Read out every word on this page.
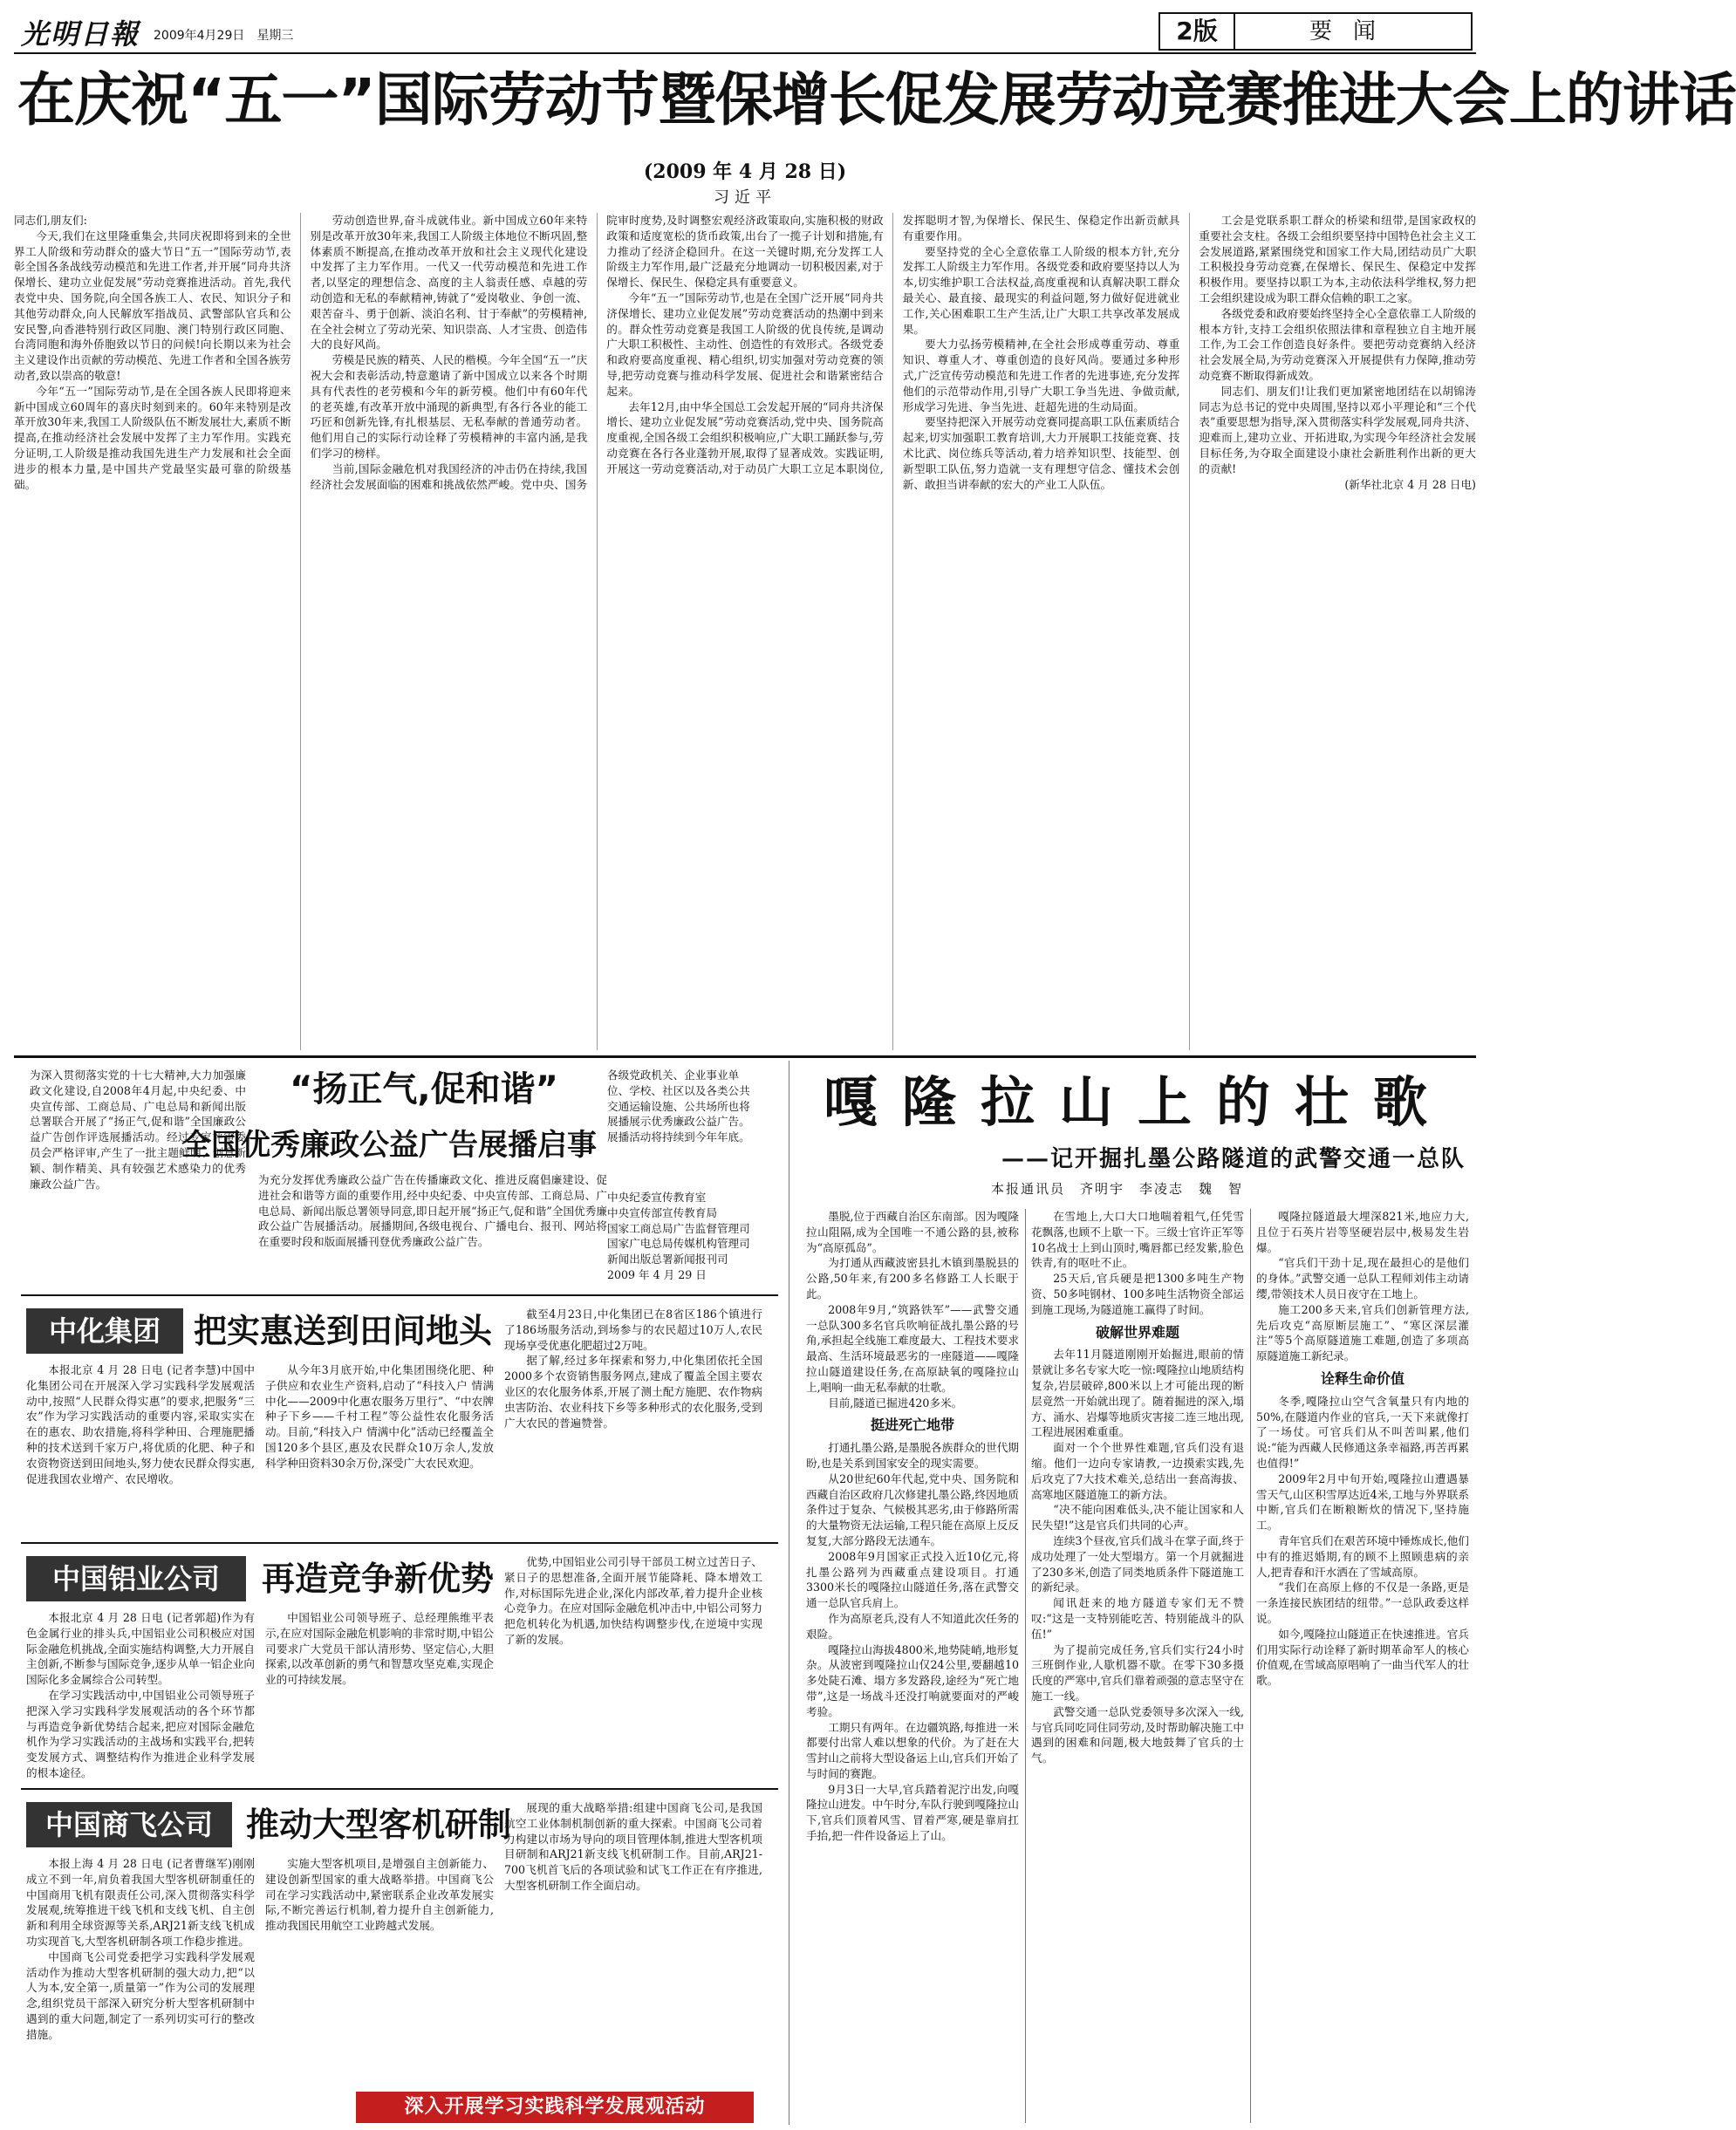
光明日報 2009年4月29日　星期三	2版	要闻
在庆祝“五一”国际劳动节暨保增长促发展劳动竞赛推进大会上的讲话
(2009 年 4 月 28 日)
习近平

同志们,朋友们:

今天,我们在这里隆重集会,共同庆祝即将到来的全世界工人阶级和劳动群众的盛大节日“五一”国际劳动节,表彰全国各条战线劳动模范和先进工作者,并开展“同舟共济保增长、建功立业促发展”劳动竞赛推进活动。首先,我代表党中央、国务院,向全国各族工人、农民、知识分子和其他劳动群众,向人民解放军指战员、武警部队官兵和公安民警,向香港特别行政区同胞、澳门特别行政区同胞、台湾同胞和海外侨胞致以节日的问候!向长期以来为社会主义建设作出贡献的劳动模范、先进工作者和全国各族劳动者,致以崇高的敬意!

今年“五一”国际劳动节,是在全国各族人民即将迎来新中国成立60周年的喜庆时刻到来的。60年来特别是改革开放30年来,我国工人阶级队伍不断发展壮大,素质不断提高,在推动经济社会发展中发挥了主力军作用。实践充分证明,工人阶级是推动我国先进生产力发展和社会全面进步的根本力量,是中国共产党最坚实最可靠的阶级基础。

劳动创造世界,奋斗成就伟业。新中国成立60年来特别是改革开放30年来,我国工人阶级主体地位不断巩固,整体素质不断提高,在推动改革开放和社会主义现代化建设中发挥了主力军作用。一代又一代劳动模范和先进工作者,以坚定的理想信念、高度的主人翁责任感、卓越的劳动创造和无私的奉献精神,铸就了“爱岗敬业、争创一流、艰苦奋斗、勇于创新、淡泊名利、甘于奉献”的劳模精神,在全社会树立了劳动光荣、知识崇高、人才宝贵、创造伟大的良好风尚。

劳模是民族的精英、人民的楷模。今年全国“五一”庆祝大会和表彰活动,特意邀请了新中国成立以来各个时期具有代表性的老劳模和今年的新劳模。他们中有60年代的老英雄,有改革开放中涌现的新典型,有各行各业的能工巧匠和创新先锋,有扎根基层、无私奉献的普通劳动者。他们用自己的实际行动诠释了劳模精神的丰富内涵,是我们学习的榜样。

当前,国际金融危机对我国经济的冲击仍在持续,我国经济社会发展面临的困难和挑战依然严峻。党中央、国务院审时度势,及时调整宏观经济政策取向,实施积极的财政政策和适度宽松的货币政策,出台了一揽子计划和措施,有力推动了经济企稳回升。在这一关键时期,充分发挥工人阶级主力军作用,最广泛最充分地调动一切积极因素,对于保增长、保民生、保稳定具有重要意义。

今年“五一”国际劳动节,也是在全国广泛开展“同舟共济保增长、建功立业促发展”劳动竞赛活动的热潮中到来的。群众性劳动竞赛是我国工人阶级的优良传统,是调动广大职工积极性、主动性、创造性的有效形式。各级党委和政府要高度重视、精心组织,切实加强对劳动竞赛的领导,把劳动竞赛与推动科学发展、促进社会和谐紧密结合起来。

去年12月,由中华全国总工会发起开展的“同舟共济保增长、建功立业促发展”劳动竞赛活动,党中央、国务院高度重视,全国各级工会组织积极响应,广大职工踊跃参与,劳动竞赛在各行各业蓬勃开展,取得了显著成效。实践证明,开展这一劳动竞赛活动,对于动员广大职工立足本职岗位,发挥聪明才智,为保增长、保民生、保稳定作出新贡献具有重要作用。

要坚持党的全心全意依靠工人阶级的根本方针,充分发挥工人阶级主力军作用。各级党委和政府要坚持以人为本,切实维护职工合法权益,高度重视和认真解决职工群众最关心、最直接、最现实的利益问题,努力做好促进就业工作,关心困难职工生产生活,让广大职工共享改革发展成果。

要大力弘扬劳模精神,在全社会形成尊重劳动、尊重知识、尊重人才、尊重创造的良好风尚。要通过多种形式,广泛宣传劳动模范和先进工作者的先进事迹,充分发挥他们的示范带动作用,引导广大职工争当先进、争做贡献,形成学习先进、争当先进、赶超先进的生动局面。

要坚持把深入开展劳动竞赛同提高职工队伍素质结合起来,切实加强职工教育培训,大力开展职工技能竞赛、技术比武、岗位练兵等活动,着力培养知识型、技能型、创新型职工队伍,努力造就一支有理想守信念、懂技术会创新、敢担当讲奉献的宏大的产业工人队伍。

工会是党联系职工群众的桥梁和纽带,是国家政权的重要社会支柱。各级工会组织要坚持中国特色社会主义工会发展道路,紧紧围绕党和国家工作大局,团结动员广大职工积极投身劳动竞赛,在保增长、保民生、保稳定中发挥积极作用。要坚持以职工为本,主动依法科学维权,努力把工会组织建设成为职工群众信赖的职工之家。

各级党委和政府要始终坚持全心全意依靠工人阶级的根本方针,支持工会组织依照法律和章程独立自主地开展工作,为工会工作创造良好条件。要把劳动竞赛纳入经济社会发展全局,为劳动竞赛深入开展提供有力保障,推动劳动竞赛不断取得新成效。

同志们、朋友们!让我们更加紧密地团结在以胡锦涛同志为总书记的党中央周围,坚持以邓小平理论和“三个代表”重要思想为指导,深入贯彻落实科学发展观,同舟共济、迎难而上,建功立业、开拓进取,为实现今年经济社会发展目标任务,为夺取全面建设小康社会新胜利作出新的更大的贡献!

(新华社北京 4 月 28 日电)

为深入贯彻落实党的十七大精神,大力加强廉政文化建设,自2008年4月起,中央纪委、中央宣传部、工商总局、广电总局和新闻出版总署联合开展了“扬正气,促和谐”全国廉政公益广告创作评选展播活动。经过专家评审委员会严格评审,产生了一批主题鲜明、创意新颖、制作精美、具有较强艺术感染力的优秀廉政公益广告。
“扬正气,促和谐”
全国优秀廉政公益广告展播启事
各级党政机关、企业事业单位、学校、社区以及各类公共交通运输设施、公共场所也将展播展示优秀廉政公益广告。展播活动将持续到今年年底。
为充分发挥优秀廉政公益广告在传播廉政文化、推进反腐倡廉建设、促进社会和谐等方面的重要作用,经中央纪委、中央宣传部、工商总局、广电总局、新闻出版总署领导同意,即日起开展“扬正气,促和谐”全国优秀廉政公益广告展播活动。展播期间,各级电视台、广播电台、报刊、网站将在重要时段和版面展播刊登优秀廉政公益广告。
中央纪委宣传教育室
中央宣传部宣传教育局
国家工商总局广告监督管理司
国家广电总局传媒机构管理司
新闻出版总署新闻报刊司
2009 年 4 月 29 日
中化集团	把实惠送到田间地头

本报北京 4 月 28 日电 (记者李慧)中国中化集团公司在开展深入学习实践科学发展观活动中,按照“人民群众得实惠”的要求,把服务“三农”作为学习实践活动的重要内容,采取实实在在的惠农、助农措施,将科学种田、合理施肥播种的技术送到千家万户,将优质的化肥、种子和农资物资送到田间地头,努力使农民群众得实惠,促进我国农业增产、农民增收。

从今年3月底开始,中化集团围绕化肥、种子供应和农业生产资料,启动了“科技入户 情满中化——2009中化惠农服务万里行”、“中农牌种子下乡——千村工程”等公益性农化服务活动。目前,“科技入户 情满中化”活动已经覆盖全国120多个县区,惠及农民群众10万余人,发放科学种田资料30余万份,深受广大农民欢迎。

截至4月23日,中化集团已在8省区186个镇进行了186场服务活动,到场参与的农民超过10万人,农民现场享受优惠化肥超过2万吨。

据了解,经过多年探索和努力,中化集团依托全国2000多个农资销售服务网点,建成了覆盖全国主要农业区的农化服务体系,开展了测土配方施肥、农作物病虫害防治、农业科技下乡等多种形式的农化服务,受到广大农民的普遍赞誉。

中国铝业公司	再造竞争新优势

本报北京 4 月 28 日电 (记者郭超)作为有色金属行业的排头兵,中国铝业公司积极应对国际金融危机挑战,全面实施结构调整,大力开展自主创新,不断参与国际竞争,逐步从单一铝企业向国际化多金属综合公司转型。

在学习实践活动中,中国铝业公司领导班子把深入学习实践科学发展观活动的各个环节都与再造竞争新优势结合起来,把应对国际金融危机作为学习实践活动的主战场和实践平台,把转变发展方式、调整结构作为推进企业科学发展的根本途径。

中国铝业公司领导班子、总经理熊维平表示,在应对国际金融危机影响的非常时期,中铝公司要求广大党员干部认清形势、坚定信心,大胆探索,以改革创新的勇气和智慧攻坚克难,实现企业的可持续发展。

优势,中国铝业公司引导干部员工树立过苦日子、紧日子的思想准备,全面开展节能降耗、降本增效工作,对标国际先进企业,深化内部改革,着力提升企业核心竞争力。在应对国际金融危机冲击中,中铝公司努力把危机转化为机遇,加快结构调整步伐,在逆境中实现了新的发展。

中国商飞公司	推动大型客机研制

本报上海 4 月 28 日电 (记者曹继军)刚刚成立不到一年,肩负着我国大型客机研制重任的中国商用飞机有限责任公司,深入贯彻落实科学发展观,统筹推进干线飞机和支线飞机、自主创新和利用全球资源等关系,ARJ21新支线飞机成功实现首飞,大型客机研制各项工作稳步推进。

中国商飞公司党委把学习实践科学发展观活动作为推动大型客机研制的强大动力,把“以人为本,安全第一,质量第一”作为公司的发展理念,组织党员干部深入研究分析大型客机研制中遇到的重大问题,制定了一系列切实可行的整改措施。

实施大型客机项目,是增强自主创新能力、建设创新型国家的重大战略举措。中国商飞公司在学习实践活动中,紧密联系企业改革发展实际,不断完善运行机制,着力提升自主创新能力,推动我国民用航空工业跨越式发展。

展现的重大战略举措:组建中国商飞公司,是我国航空工业体制机制创新的重大探索。中国商飞公司着力构建以市场为导向的项目管理体制,推进大型客机项目研制和ARJ21新支线飞机研制工作。目前,ARJ21-700飞机首飞后的各项试验和试飞工作正在有序推进,大型客机研制工作全面启动。

深入开展学习实践科学发展观活动
嘎隆拉山上的壮歌
——记开掘扎墨公路隧道的武警交通一总队
本报通讯员　齐明宇　李凌志　魏　智

墨脱,位于西藏自治区东南部。因为嘎隆拉山阻隔,成为全国唯一不通公路的县,被称为“高原孤岛”。

为打通从西藏波密县扎木镇到墨脱县的公路,50年来,有200多名修路工人长眠于此。

2008年9月,“筑路铁军”——武警交通一总队300多名官兵吹响征战扎墨公路的号角,承担起全线施工难度最大、工程技术要求最高、生活环境最恶劣的一座隧道——嘎隆拉山隧道建设任务,在高原缺氧的嘎隆拉山上,唱响一曲无私奉献的壮歌。

目前,隧道已掘进420多米。

挺进死亡地带

打通扎墨公路,是墨脱各族群众的世代期盼,也是关系到国家安全的现实需要。

从20世纪60年代起,党中央、国务院和西藏自治区政府几次修建扎墨公路,终因地质条件过于复杂、气候极其恶劣,由于修路所需的大量物资无法运输,工程只能在高原上反反复复,大部分路段无法通车。

2008年9月国家正式投入近10亿元,将扎墨公路列为西藏重点建设项目。打通3300米长的嘎隆拉山隧道任务,落在武警交通一总队官兵肩上。

作为高原老兵,没有人不知道此次任务的艰险。

嘎隆拉山海拔4800米,地势陡峭,地形复杂。从波密到嘎隆拉山仅24公里,要翻越10多处陡石滩、塌方多发路段,途经为“死亡地带”,这是一场战斗还没打响就要面对的严峻考验。

工期只有两年。在边疆筑路,每推进一米都要付出常人难以想象的代价。为了赶在大雪封山之前将大型设备运上山,官兵们开始了与时间的赛跑。

9月3日一大早,官兵踏着泥泞出发,向嘎隆拉山进发。中午时分,车队行驶到嘎隆拉山下,官兵们顶着风雪、冒着严寒,硬是靠肩扛手抬,把一件件设备运上了山。

在雪地上,大口大口地喘着粗气,任凭雪花飘落,也顾不上歇一下。三级士官许正军等10名战士上到山顶时,嘴唇都已经发紫,脸色铁青,有的呕吐不止。

25天后,官兵硬是把1300多吨生产物资、50多吨钢材、100多吨生活物资全部运到施工现场,为隧道施工赢得了时间。

破解世界难题

去年11月隧道刚刚开始掘进,眼前的情景就让多名专家大吃一惊:嘎隆拉山地质结构复杂,岩层破碎,800米以上才可能出现的断层竟然一开始就出现了。随着掘进的深入,塌方、涌水、岩爆等地质灾害接二连三地出现,工程进展困难重重。

面对一个个世界性难题,官兵们没有退缩。他们一边向专家请教,一边摸索实践,先后攻克了7大技术难关,总结出一套高海拔、高寒地区隧道施工的新方法。

“决不能向困难低头,决不能让国家和人民失望!”这是官兵们共同的心声。

连续3个昼夜,官兵们战斗在掌子面,终于成功处理了一处大型塌方。第一个月就掘进了230多米,创造了同类地质条件下隧道施工的新纪录。

闻讯赶来的地方隧道专家们无不赞叹:“这是一支特别能吃苦、特别能战斗的队伍!”

为了提前完成任务,官兵们实行24小时三班倒作业,人歇机器不歇。在零下30多摄氏度的严寒中,官兵们靠着顽强的意志坚守在施工一线。

武警交通一总队党委领导多次深入一线,与官兵同吃同住同劳动,及时帮助解决施工中遇到的困难和问题,极大地鼓舞了官兵的士气。

嘎隆拉隧道最大埋深821米,地应力大,且位于石英片岩等坚硬岩层中,极易发生岩爆。

“官兵们干劲十足,现在最担心的是他们的身体。”武警交通一总队工程师刘伟主动请缨,带领技术人员日夜守在工地上。

施工200多天来,官兵们创新管理方法,先后攻克“高原断层施工”、“寒区深层灌注”等5个高原隧道施工难题,创造了多项高原隧道施工新纪录。

诠释生命价值

冬季,嘎隆拉山空气含氧量只有内地的50%,在隧道内作业的官兵,一天下来就像打了一场仗。可官兵们从不叫苦叫累,他们说:“能为西藏人民修通这条幸福路,再苦再累也值得!”

2009年2月中旬开始,嘎隆拉山遭遇暴雪天气,山区积雪厚达近4米,工地与外界联系中断,官兵们在断粮断炊的情况下,坚持施工。

青年官兵们在艰苦环境中锤炼成长,他们中有的推迟婚期,有的顾不上照顾患病的亲人,把青春和汗水洒在了雪域高原。

“我们在高原上修的不仅是一条路,更是一条连接民族团结的纽带。”一总队政委这样说。

如今,嘎隆拉山隧道正在快速推进。官兵们用实际行动诠释了新时期革命军人的核心价值观,在雪域高原唱响了一曲当代军人的壮歌。
